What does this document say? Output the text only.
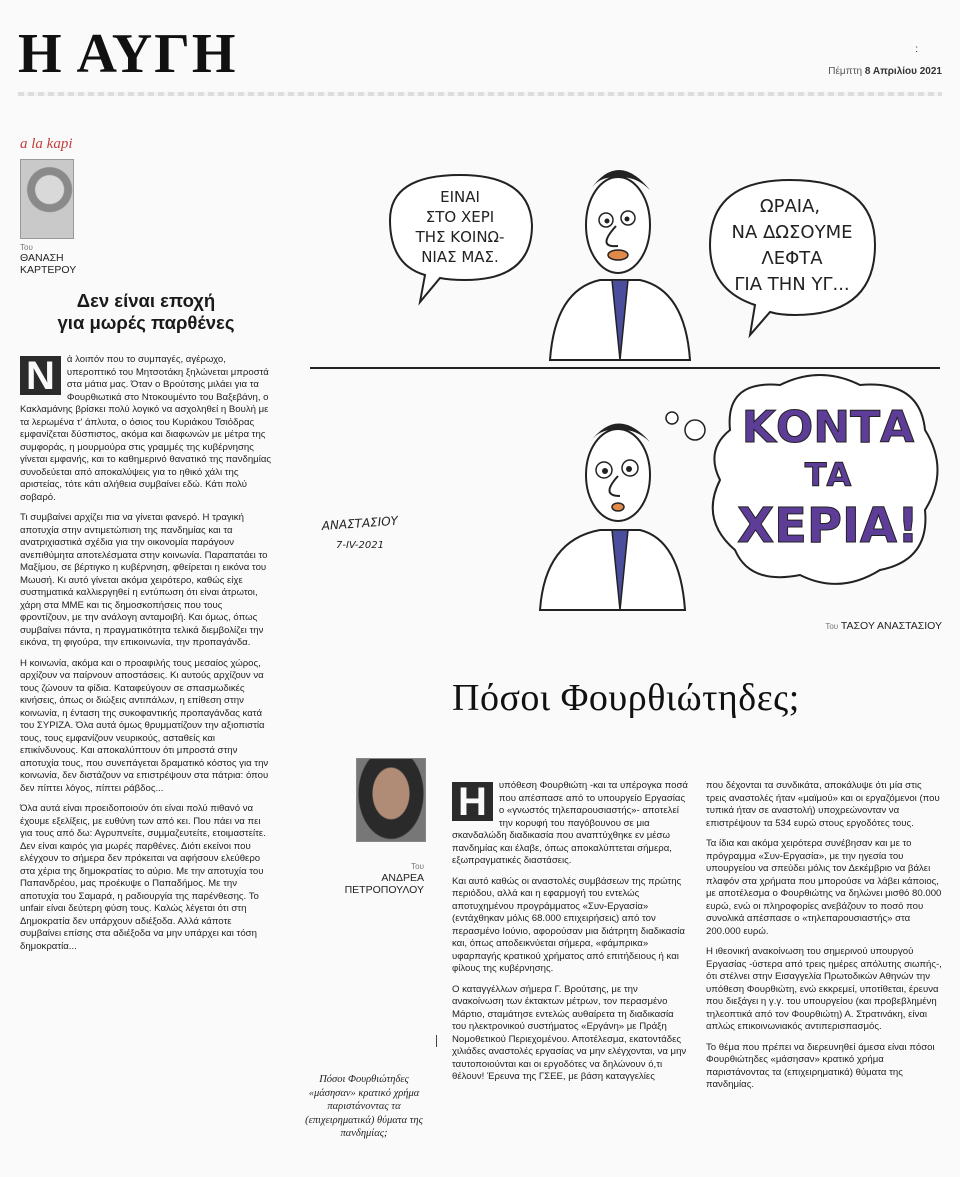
Η ΑΥΓΗ	:
Πέμπτη 8 Απριλίου 2021
a la kapi
Του
ΘΑΝΑΣΗ
ΚΑΡΤΕΡΟΥ
Δεν είναι εποχή
για μωρές παρθένες

Ν	ά λοιπόν που το συμπαγές, αγέρωχο, υπεροπτικό του Μητσοτάκη ξηλώνεται μπροστά στα μάτια μας. Όταν ο Βρούτσης μιλάει για τα Φουρθιωτικά στο Ντοκουμέντο του Βαξεβάνη, ο Κακλαμάνης βρίσκει πολύ λογικό να ασχοληθεί η Βουλή με τα λερωμένα τ' άπλυτα, ο όσιος του Κυριάκου Τσιόδρας εμφανίζεται δύσπιστος, ακόμα και διαφωνών με μέτρα της συμφοράς, η μουρμούρα στις γραμμές της κυβέρνησης γίνεται εμφανής, και το καθημερινό θανατικό της πανδημίας συνοδεύεται από αποκαλύψεις για το ηθικό χάλι της αριστείας, τότε κάτι αλήθεια συμβαίνει εδώ. Κάτι πολύ σοβαρό.

Τι συμβαίνει αρχίζει πια να γίνεται φανερό. Η τραγική αποτυχία στην αντιμετώπιση της πανδημίας και τα ανατριχιαστικά σχέδια για την οικονομία παράγουν ανεπιθύμητα αποτελέσματα στην κοινωνία. Παραπατάει το Μαξίμου, σε βέρτιγκο η κυβέρνηση, φθείρεται η εικόνα του Μωυσή. Κι αυτό γίνεται ακόμα χειρότερο, καθώς είχε συστηματικά καλλιεργηθεί η εντύπωση ότι είναι άτρωτοι, χάρη στα ΜΜΕ και τις δημοσκοπήσεις που τους φροντίζουν, με την ανάλογη ανταμοιβή. Και όμως, όπως συμβαίνει πάντα, η πραγματικότητα τελικά διεμβολίζει την εικόνα, τη φιγούρα, την επικοινωνία, την προπαγάνδα.

Η κοινωνία, ακόμα και ο προαφιλής τους μεσαίος χώρος, αρχίζουν να παίρνουν αποστάσεις. Κι αυτούς αρχίζουν να τους ζώνουν τα φίδια. Καταφεύγουν σε σπασμωδικές κινήσεις, όπως οι διώξεις αντιπάλων, η επίθεση στην κοινωνία, η ένταση της συκοφαντικής προπαγάνδας κατά του ΣΥΡΙΖΑ. Όλα αυτά όμως θρυμματίζουν την αξιοπιστία τους, τους εμφανίζουν νευρικούς, ασταθείς και επικίνδυνους. Και αποκαλύπτουν ότι μπροστά στην αποτυχία τους, που συνεπάγεται δραματικό κόστος για την κοινωνία, δεν διστάζουν να επιστρέψουν στα πάτρια: όπου δεν πίπτει λόγος, πίπτει ράβδος...

Όλα αυτά είναι προειδοποιούν ότι είναι πολύ πιθανό να έχουμε εξελίξεις, με ευθύνη των από κει. Που πάει να πει για τους από δω: Αγρυπνείτε, συμμαζευτείτε, ετοιμαστείτε. Δεν είναι καιρός για μωρές παρθένες. Διότι εκείνοι που ελέγχουν το σήμερα δεν πρόκειται να αφήσουν ελεύθερο στα χέρια της δημοκρατίας το αύριο. Με την αποτυχία του Παπανδρέου, μας προέκυψε ο Παπαδήμος. Με την αποτυχία του Σαμαρά, η ραδιουργία της παρένθεσης. Το unfair είναι δεύτερη φύση τους. Καλώς λέγεται ότι στη Δημοκρατία δεν υπάρχουν αδιέξοδα. Αλλά κάποτε συμβαίνει επίσης στα αδιέξοδα να μην υπάρχει και τόση δημοκρατία...

ΕΙΝΑΙ
ΣΤΟ ΧΕΡΙ
ΤΗΣ ΚΟΙΝΩ-
ΝΙΑΣ ΜΑΣ.
ΩΡΑΙΑ,
ΝΑ ΔΩΣΟΥΜΕ
ΛΕΦΤΑ
ΓΙΑ ΤΗΝ ΥΓ...
ΚΟΝΤΑ
ΤΑ
ΧΕΡΙΑ!
ΑΝΑΣΤΑΣΙΟΥ
7-IV-2021
Του ΤΑΣΟΥ ΑΝΑΣΤΑΣΙΟΥ
Πόσοι Φουρθιώτηδες;
Του
ΑΝΔΡΕΑ
ΠΕΤΡΟΠΟΥΛΟΥ
Πόσοι Φουρθιώτηδες «μάσησαν» κρατικό χρήμα παριστάνοντας τα (επιχειρηματικά) θύματα της πανδημίας;

Η	υπόθεση Φουρθιώτη -και τα υπέρογκα ποσά που απέσπασε από το υπουργείο Εργασίας ο «γνωστός τηλεπαρουσιαστής»- αποτελεί την κορυφή του παγόβουνου σε μια σκανδαλώδη διαδικασία που αναπτύχθηκε εν μέσω πανδημίας και έλαβε, όπως αποκαλύπτεται σήμερα, εξωπραγματικές διαστάσεις.

Και αυτό καθώς οι αναστολές συμβάσεων της πρώτης περιόδου, αλλά και η εφαρμογή του εντελώς αποτυχημένου προγράμματος «Συν-Εργασία» (εντάχθηκαν μόλις 68.000 επιχειρήσεις) από τον περασμένο Ιούνιο, αφορούσαν μια διάτρητη διαδικασία και, όπως αποδεικνύεται σήμερα, «φάμπρικα» υφαρπαγής κρατικού χρήματος από επιτήδειους ή και φίλους της κυβέρνησης.

Ο καταγγέλλων σήμερα Γ. Βρούτσης, με την ανακοίνωση των έκτακτων μέτρων, τον περασμένο Μάρτιο, σταμάτησε εντελώς αυθαίρετα τη διαδικασία του ηλεκτρονικού συστήματος «Εργάνη» με Πράξη Νομοθετικού Περιεχομένου. Αποτέλεσμα, εκατοντάδες χιλιάδες αναστολές εργασίας να μην ελέγχονται, να μην ταυτοποιούνται και οι εργοδότες να δηλώνουν ό,τι θέλουν! Έρευνα της ΓΣΕΕ, με βάση καταγγελίες

που δέχονται τα συνδικάτα, αποκάλυψε ότι μία στις τρεις αναστολές ήταν «μαϊμού» και οι εργαζόμενοι (που τυπικά ήταν σε αναστολή) υποχρεώνονταν να επιστρέψουν τα 534 ευρώ στους εργοδότες τους.

Τα ίδια και ακόμα χειρότερα συνέβησαν και με το πρόγραμμα «Συν-Εργασία», με την ηγεσία του υπουργείου να σπεύδει μόλις τον Δεκέμβριο να βάλει πλαφόν στα χρήματα που μπορούσε να λάβει κάποιος, με αποτέλεσμα ο Φουρθιώτης να δηλώνει μισθό 80.000 ευρώ, ενώ οι πληροφορίες ανεβάζουν το ποσό που συνολικά απέσπασε ο «τηλεπαρουσιαστής» στα 200.000 ευρώ.

Η ιθεονική ανακοίνωση του σημερινού υπουργού Εργασίας -ύστερα από τρεις ημέρες απόλυτης σιωπής-, ότι στέλνει στην Εισαγγελία Πρωτοδικών Αθηνών την υπόθεση Φουρθιώτη, ενώ εκκρεμεί, υποτίθεται, έρευνα που διεξάγει η γ.γ. του υπουργείου (και προβεβλημένη τηλεοπτικά από τον Φουρθιώτη) Α. Στρατινάκη, είναι απλώς επικοινωνιακός αντιπερισπασμός.

Το θέμα που πρέπει να διερευνηθεί άμεσα είναι πόσοι Φουρθιώτηδες «μάσησαν» κρατικό χρήμα παριστάνοντας τα (επιχειρηματικά) θύματα της πανδημίας.
